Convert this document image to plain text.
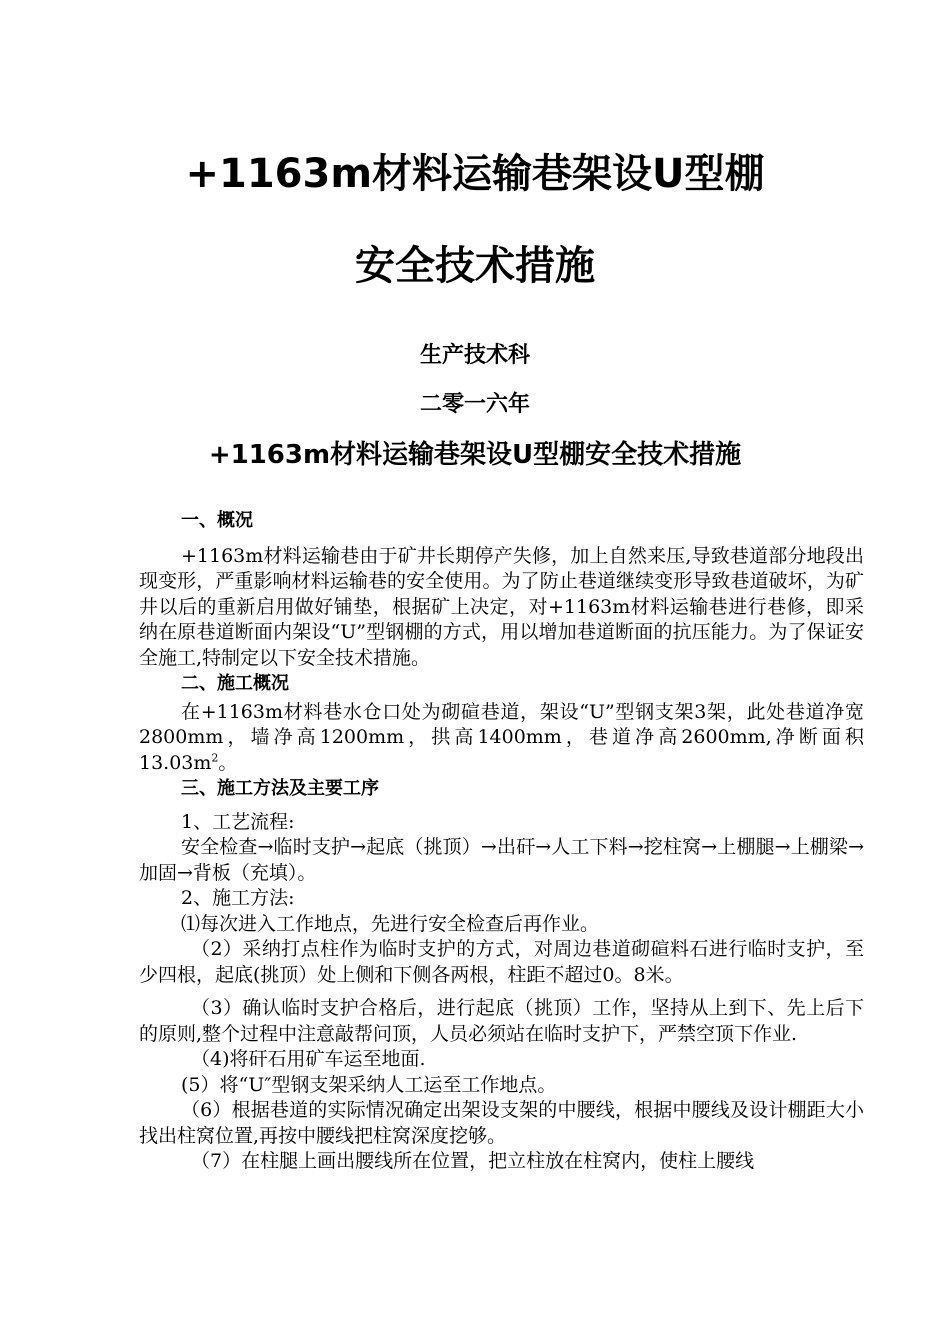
+1163m材料运输巷架设U型棚
安全技术措施
生产技术科
二零一六年
+1163m材料运输巷架设U型棚安全技术措施

一、概况

+1163m材料运输巷由于矿井长期停产失修，加上自然来压,导致巷道部分地段出现变形，严重影响材料运输巷的安全使用。为了防止巷道继续变形导致巷道破坏，为矿井以后的重新启用做好铺垫，根据矿上决定，对+1163m材料运输巷进行巷修，即采纳在原巷道断面内架设“U”型钢棚的方式，用以增加巷道断面的抗压能力。为了保证安全施工,特制定以下安全技术措施。

二、施工概况

在+1163m材料巷水仓口处为砌碹巷道，架设“U”型钢支架3架，此处巷道净宽2800mm，墙净高1200mm，拱高1400mm，巷道净高2600mm,净断面积$13.03m^2$。

三、施工方法及主要工序

1、工艺流程:

安全检查→临时支护→起底（挑顶）→出矸→人工下料→挖柱窝→上棚腿→上棚梁→加固→背板（充填）。

2、施工方法:

⑴每次进入工作地点，先进行安全检查后再作业。

（2）采纳打点柱作为临时支护的方式，对周边巷道砌碹料石进行临时支护，至少四根，起底(挑顶）处上侧和下侧各两根，柱距不超过0。8米。

（3）确认临时支护合格后，进行起底（挑顶）工作，坚持从上到下、先上后下的原则,整个过程中注意敲帮问顶，人员必须站在临时支护下，严禁空顶下作业.

（4)将矸石用矿车运至地面.

(5）将“U″型钢支架采纳人工运至工作地点。

（6）根据巷道的实际情况确定出架设支架的中腰线，根据中腰线及设计棚距大小找出柱窝位置,再按中腰线把柱窝深度挖够。

（7）在柱腿上画出腰线所在位置，把立柱放在柱窝内，使柱上腰线
